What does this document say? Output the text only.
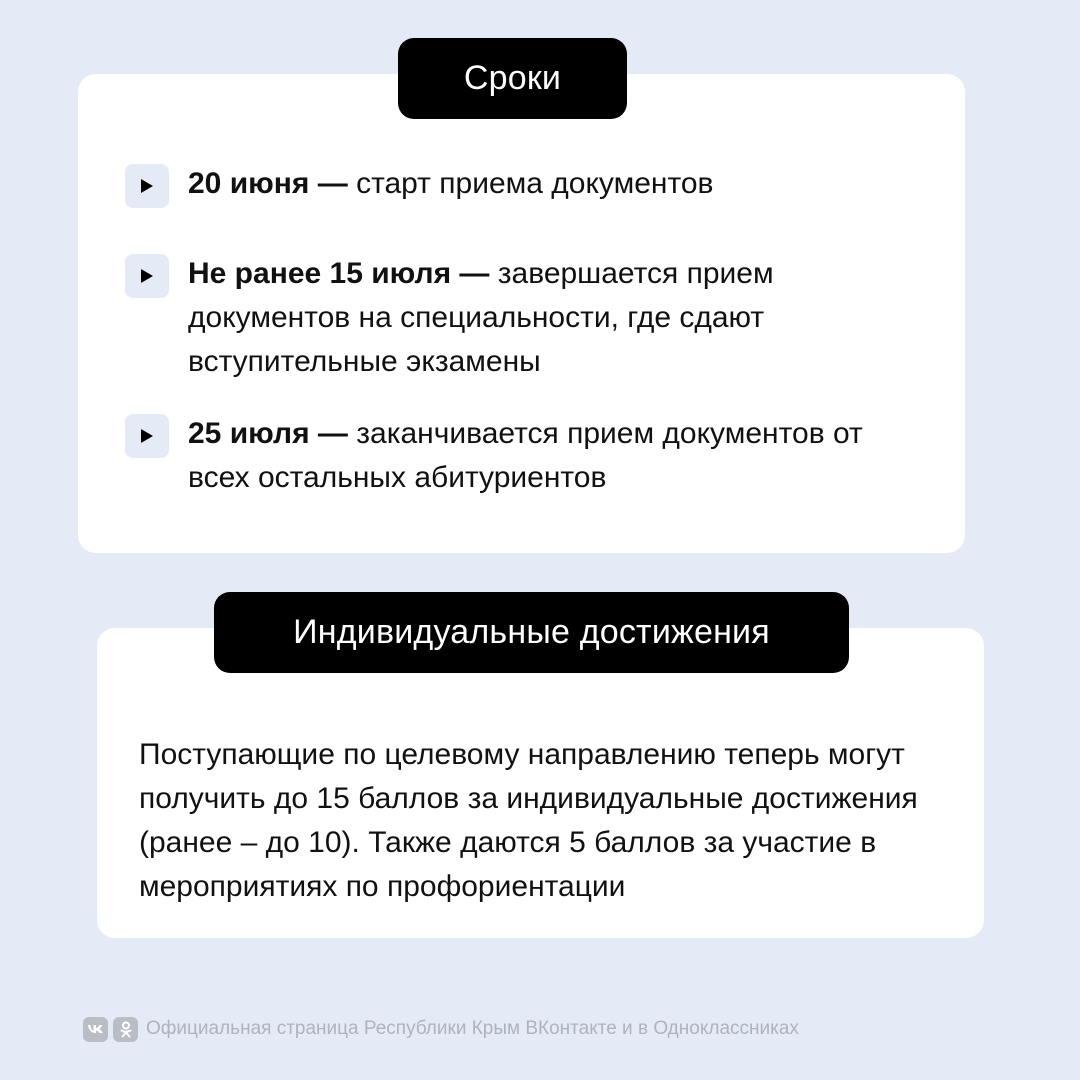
20 июня — старт приема документов
Не ранее 15 июля — завершается прием документов на специальности, где сдают вступительные экзамены
25 июля — заканчивается прием документов от всех остальных абитуриентов
Сроки
Поступающие по целевому направлению теперь могут получить до 15 баллов за индивидуальные достижения (ранее – до 10). Также даются 5 баллов за участие в мероприятиях по профориентации
Индивидуальные достижения
Официальная страница Республики Крым ВКонтакте и в Одноклассниках
